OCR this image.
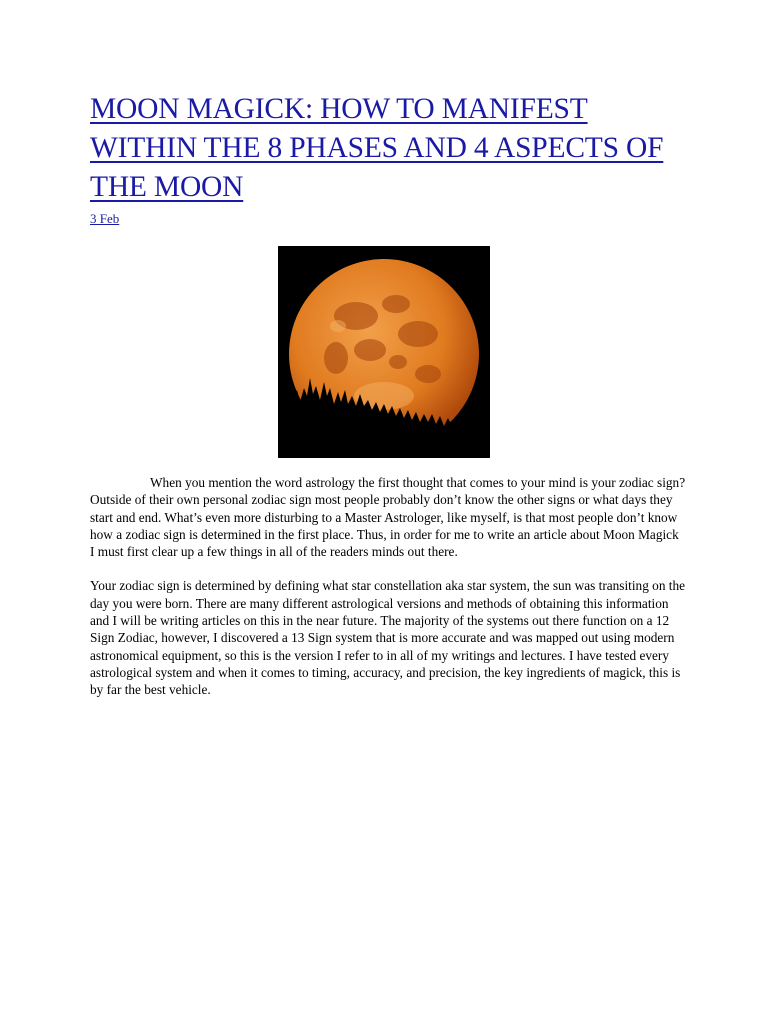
MOON MAGICK: HOW TO MANIFEST WITHIN THE 8 PHASES AND 4 ASPECTS OF THE MOON
3 Feb

When you mention the word astrology the first thought that comes to your mind is your zodiac sign? Outside of their own personal zodiac sign most people probably don’t know the other signs or what days they start and end. What’s even more disturbing to a Master Astrologer, like myself, is that most people don’t know how a zodiac sign is determined in the first place. Thus, in order for me to write an article about Moon Magick I must first clear up a few things in all of the readers minds out there.

Your zodiac sign is determined by defining what star constellation aka star system, the sun was transiting on the day you were born. There are many different astrological versions and methods of obtaining this information and I will be writing articles on this in the near future. The majority of the systems out there function on a 12 Sign Zodiac, however, I discovered a 13 Sign system that is more accurate and was mapped out using modern astronomical equipment, so this is the version I refer to in all of my writings and lectures. I have tested every astrological system and when it comes to timing, accuracy, and precision, the key ingredients of magick, this is by far the best vehicle.
